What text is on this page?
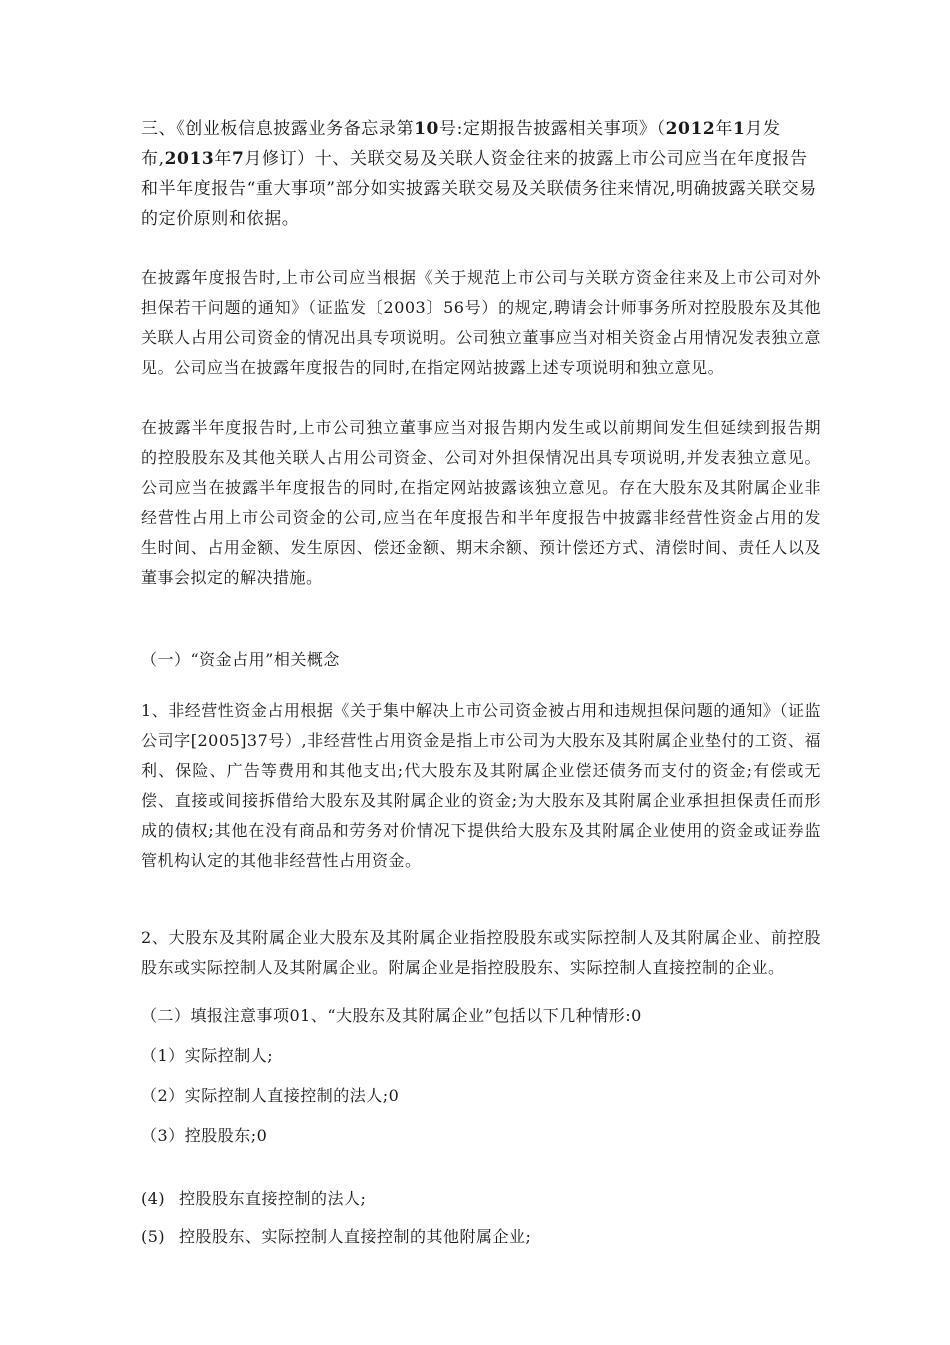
三、《创业板信息披露业务备忘录第10号:定期报告披露相关事项》（2012年1月发布,2013年7月修订）十、关联交易及关联人资金往来的披露上市公司应当在年度报告和半年度报告“重大事项”部分如实披露关联交易及关联债务往来情况,明确披露关联交易的定价原则和依据。

在披露年度报告时,上市公司应当根据《关于规范上市公司与关联方资金往来及上市公司对外担保若干问题的通知》（证监发〔2003〕56号）的规定,聘请会计师事务所对控股股东及其他关联人占用公司资金的情况出具专项说明。公司独立董事应当对相关资金占用情况发表独立意见。公司应当在披露年度报告的同时,在指定网站披露上述专项说明和独立意见。

在披露半年度报告时,上市公司独立董事应当对报告期内发生或以前期间发生但延续到报告期的控股股东及其他关联人占用公司资金、公司对外担保情况出具专项说明,并发表独立意见。公司应当在披露半年度报告的同时,在指定网站披露该独立意见。存在大股东及其附属企业非经营性占用上市公司资金的公司,应当在年度报告和半年度报告中披露非经营性资金占用的发生时间、占用金额、发生原因、偿还金额、期末余额、预计偿还方式、清偿时间、责任人以及董事会拟定的解决措施。

（一）“资金占用”相关概念

1、非经营性资金占用根据《关于集中解决上市公司资金被占用和违规担保问题的通知》（证监公司字[2005]37号）,非经营性占用资金是指上市公司为大股东及其附属企业垫付的工资、福利、保险、广告等费用和其他支出;代大股东及其附属企业偿还债务而支付的资金;有偿或无偿、直接或间接拆借给大股东及其附属企业的资金;为大股东及其附属企业承担担保责任而形成的债权;其他在没有商品和劳务对价情况下提供给大股东及其附属企业使用的资金或证券监管机构认定的其他非经营性占用资金。

2、大股东及其附属企业大股东及其附属企业指控股股东或实际控制人及其附属企业、前控股股东或实际控制人及其附属企业。附属企业是指控股股东、实际控制人直接控制的企业。

（二）填报注意事项01、“大股东及其附属企业”包括以下几种情形:0

（1）实际控制人;

（2）实际控制人直接控制的法人;0

（3）控股股东;0

(4) 控股股东直接控制的法人;

(5) 控股股东、实际控制人直接控制的其他附属企业;
